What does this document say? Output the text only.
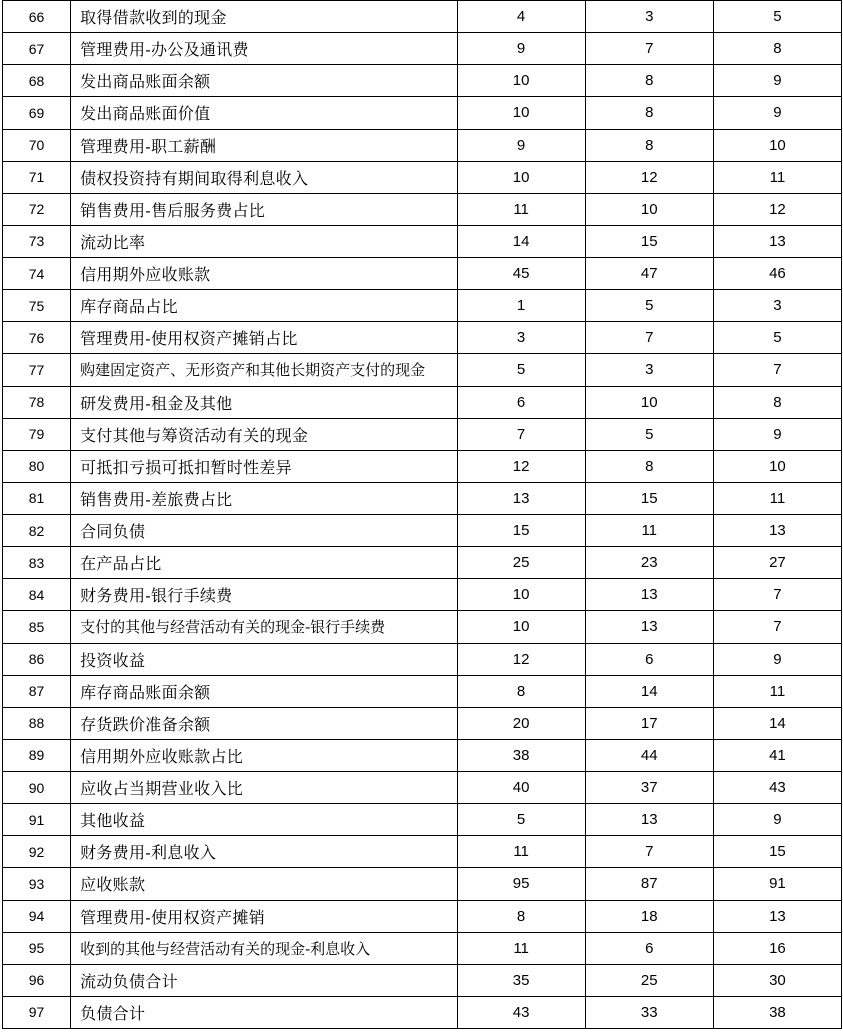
66	取得借款收到的现金	4	3	5
67	管理费用-办公及通讯费	9	7	8
68	发出商品账面余额	10	8	9
69	发出商品账面价值	10	8	9
70	管理费用-职工薪酬	9	8	10
71	债权投资持有期间取得利息收入	10	12	11
72	销售费用-售后服务费占比	11	10	12
73	流动比率	14	15	13
74	信用期外应收账款	45	47	46
75	库存商品占比	1	5	3
76	管理费用-使用权资产摊销占比	3	7	5
77	购建固定资产、无形资产和其他长期资产支付的现金	5	3	7
78	研发费用-租金及其他	6	10	8
79	支付其他与筹资活动有关的现金	7	5	9
80	可抵扣亏损可抵扣暂时性差异	12	8	10
81	销售费用-差旅费占比	13	15	11
82	合同负债	15	11	13
83	在产品占比	25	23	27
84	财务费用-银行手续费	10	13	7
85	支付的其他与经营活动有关的现金-银行手续费	10	13	7
86	投资收益	12	6	9
87	库存商品账面余额	8	14	11
88	存货跌价准备余额	20	17	14
89	信用期外应收账款占比	38	44	41
90	应收占当期营业收入比	40	37	43
91	其他收益	5	13	9
92	财务费用-利息收入	11	7	15
93	应收账款	95	87	91
94	管理费用-使用权资产摊销	8	18	13
95	收到的其他与经营活动有关的现金-利息收入	11	6	16
96	流动负债合计	35	25	30
97	负债合计	43	33	38
